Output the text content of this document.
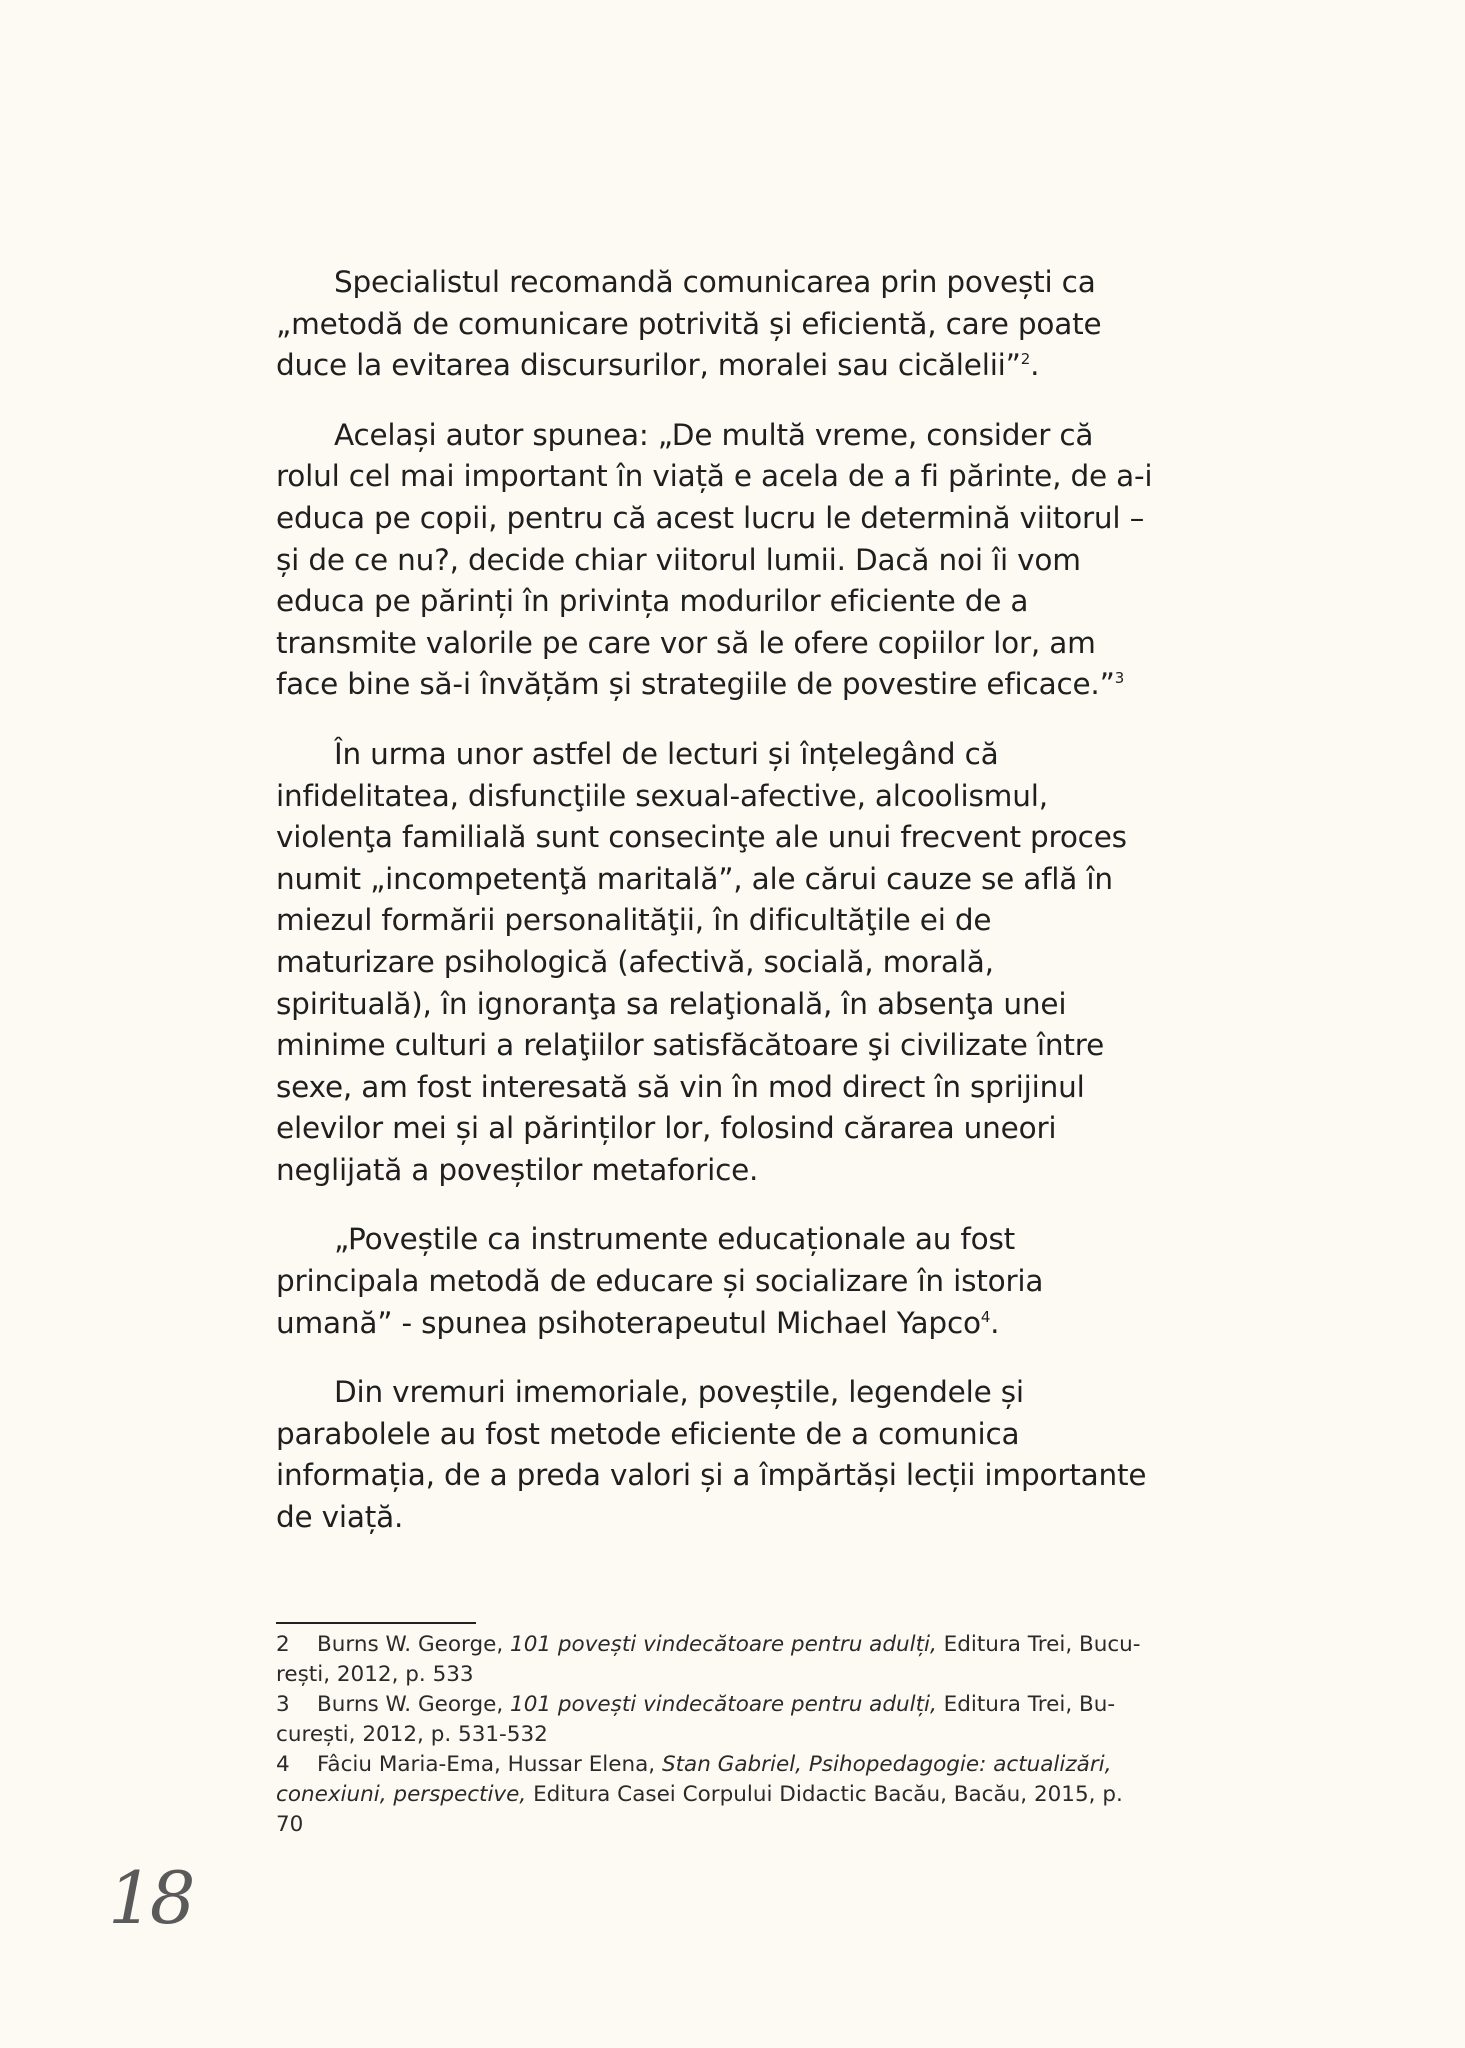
Specialistul recomandă comunicarea prin povești ca „metodă de comunicare potrivită și eficientă, care poate duce la evitarea discursurilor, moralei sau cicălelii”$^2$.

Același autor spunea: „De multă vreme, consider că rolul cel mai important în viață e acela de a fi părinte, de a-i educa pe copii, pentru că acest lucru le determină viitorul – și de ce nu?, decide chiar viitorul lumii. Dacă noi îi vom educa pe părinți în privința modurilor eficiente de a transmite valorile pe care vor să le ofere copiilor lor, am face bine să-i învățăm și strategiile de povestire eficace.”$^3$

În urma unor astfel de lecturi și înțelegând că infidelitatea, disfuncţiile sexual-afective, alcoolismul, violenţa familială sunt consecinţe ale unui frecvent proces numit „incompetenţă maritală”, ale cărui cauze se află în miezul formării personalităţii, în dificultăţile ei de maturizare psihologică (afectivă, socială, morală, spirituală), în ignoranţa sa relaţională, în absenţa unei minime culturi a relaţiilor satisfăcătoare şi civilizate între sexe, am fost interesată să vin în mod direct în sprijinul elevilor mei și al părinților lor, folosind cărarea uneori neglijată a poveștilor metaforice.

„Poveștile ca instrumente educaționale au fost principala metodă de educare și socializare în istoria umană” - spunea psihoterapeutul Michael Yapco$^4$.

Din vremuri imemoriale, poveștile, legendele și parabolele au fost metode eficiente de a comunica informația, de a preda valori și a împărtăși lecții importante de viață.

2 Burns W. George, 101 povești vindecătoare pentru adulți, Editura Trei, Bucu-rești, 2012, p. 533

3 Burns W. George, 101 povești vindecătoare pentru adulți, Editura Trei, Bu-curești, 2012, p. 531-532

4 Fâciu Maria-Ema, Hussar Elena, Stan Gabriel, Psihopedagogie: actualizări, conexiuni, perspective, Editura Casei Corpului Didactic Bacău, Bacău, 2015, p. 70

18
